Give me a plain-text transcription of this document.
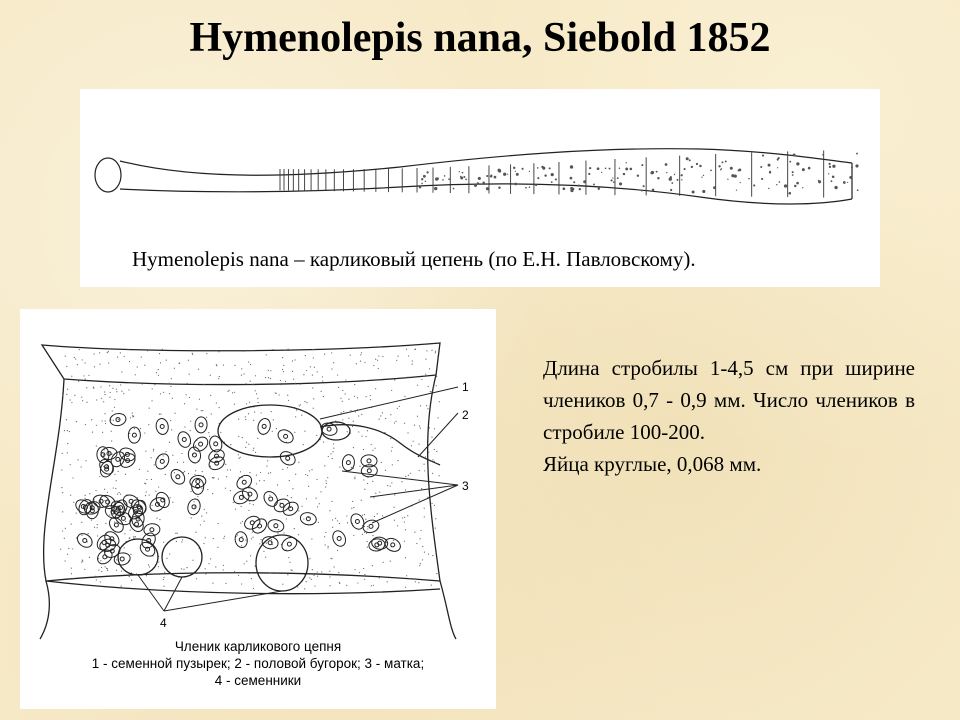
Hymenolepis nana, Siebold 1852
Hymenolepis nana – карликовый цепень (по Е.Н. Павловскому).
1
2
3
4
Членик карликового цепня
1 - семенной пузырек; 2 - половой бугорок; 3 - матка;
4 - семенники

Длина стробилы 1-4,5 см при ширине члеников 0,7 - 0,9 мм. Число члеников в стробиле 100-200.

Яйца круглые, 0,068 мм.
